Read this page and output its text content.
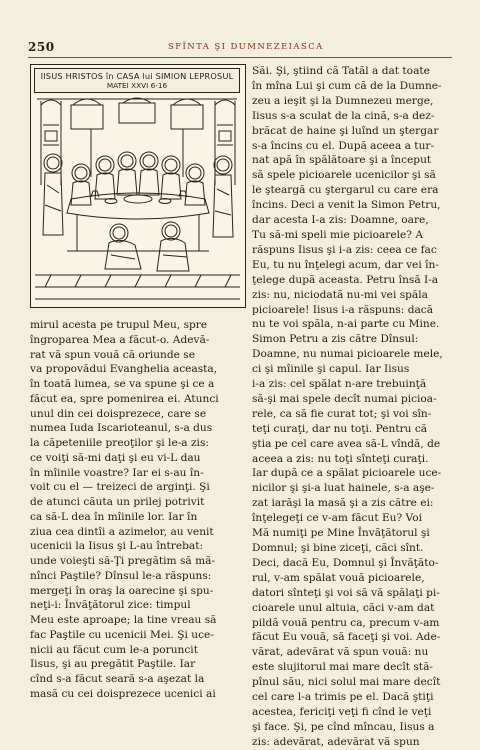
250	SFÎNTA ŞI DUMNEZEIASCA
IISUS HRISTOS în CASA lui SIMION LEPROSUL
MATEI XXVI 6-16
mirul acesta pe trupul Meu, spre
îngroparea Mea a făcut-o. Adevă-
rat vă spun vouă că oriunde se
va propovădui Evanghelia aceasta,
în toată lumea, se va spune şi ce a
făcut ea, spre pomenirea ei. Atunci
unul din cei doisprezece, care se
numea Iuda Iscarioteanul, s-a dus
la căpeteniile preoţilor şi le-a zis:
ce voiţi să-mi daţi şi eu vi-L dau
în mîinile voastre? Iar ei s-au în-
voit cu el — treizeci de arginţi. Şi
de atunci căuta un prilej potrivit
ca să-L dea în mîinile lor. Iar în
ziua cea dintîi a azimelor, au venit
ucenicii la Iisus şi L-au întrebat:
unde voieşti să-Ţi pregătim să mă-
nînci Paştile? Dînsul le-a răspuns:
mergeţi în oraş la oarecine şi spu-
neţi-i: Învăţătorul zice: timpul
Meu este aproape; la tine vreau să
fac Paştile cu ucenicii Mei. Şi uce-
nicii au făcut cum le-a poruncit
Iisus, şi au pregătit Paştile. Iar
cînd s-a făcut seară s-a aşezat la
masă cu cei doisprezece ucenici ai
Săi. Şi, ştiind că Tatăl a dat toate
în mîna Lui şi cum că de la Dumne-
zeu a ieşit şi la Dumnezeu merge,
Iisus s-a sculat de la cină, s-a dez-
brăcat de haine şi luînd un ştergar
s-a încins cu el. După aceea a tur-
nat apă în spălătoare şi a început
să spele picioarele ucenicilor şi să
le şteargă cu ştergarul cu care era
încins. Deci a venit la Simon Petru,
dar acesta I-a zis: Doamne, oare,
Tu să-mi speli mie picioarele? A
răspuns Iisus şi i-a zis: ceea ce fac
Eu, tu nu înţelegi acum, dar vei în-
ţelege după aceasta. Petru însă I-a
zis: nu, niciodată nu-mi vei spăla
picioarele! Iisus i-a răspuns: dacă
nu te voi spăla, n-ai parte cu Mine.
Simon Petru a zis către Dînsul:
Doamne, nu numai picioarele mele,
ci şi mîinile şi capul. Iar Iisus
i-a zis: cel spălat n-are trebuinţă
să-şi mai spele decît numai picioa-
rele, ca să fie curat tot; şi voi sîn-
teţi curaţi, dar nu toţi. Pentru că
ştia pe cel care avea să-L vîndă, de
aceea a zis: nu toţi sînteţi curaţi.
Iar după ce a spălat picioarele uce-
nicilor şi şi-a luat hainele, s-a aşe-
zat iarăşi la masă şi a zis către ei:
înţelegeţi ce v-am făcut Eu? Voi
Mă numiţi pe Mine Învăţătorul şi
Domnul; şi bine ziceţi, căci sînt.
Deci, dacă Eu, Domnul şi Învăţăto-
rul, v-am spălat vouă picioarele,
datori sînteţi şi voi să vă spălaţi pi-
cioarele unul altuia, căci v-am dat
pildă vouă pentru ca, precum v-am
făcut Eu vouă, să faceţi şi voi. Ade-
vărat, adevărat vă spun vouă: nu
este slujitorul mai mare decît stă-
pînul său, nici solul mai mare decît
cel care l-a trimis pe el. Dacă ştiţi
acestea, fericiţi veţi fi cînd le veţi
şi face. Şi, pe cînd mîncau, Iisus a
zis: adevărat, adevărat vă spun
